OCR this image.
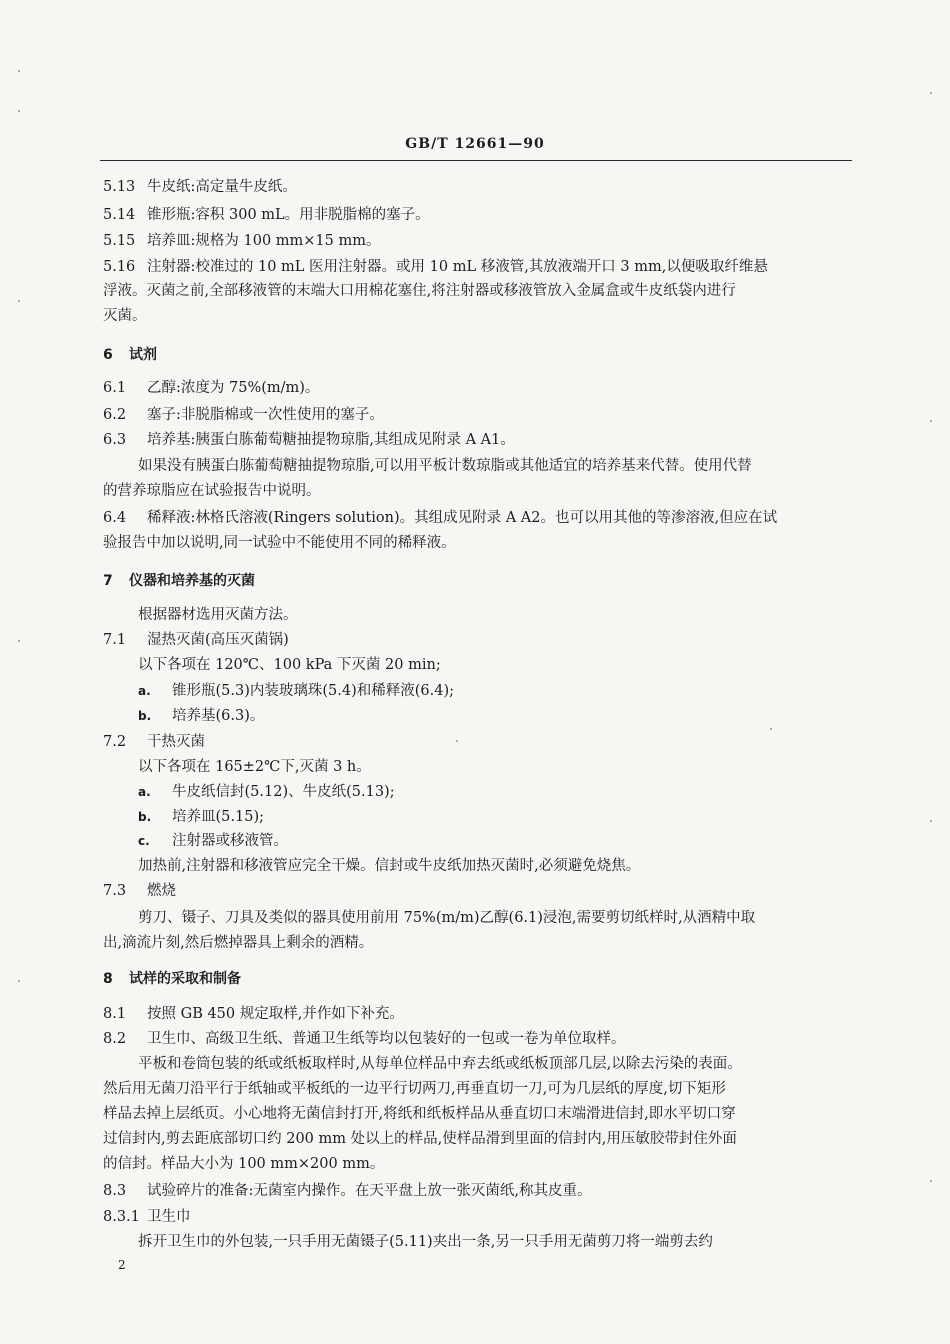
GB/T 12661—90
5.13 牛皮纸:高定量牛皮纸。
5.14 锥形瓶:容积 300 mL。用非脱脂棉的塞子。
5.15 培养皿:规格为 100 mm×15 mm。
5.16 注射器:校准过的 10 mL 医用注射器。或用 10 mL 移液管,其放液端开口 3 mm,以便吸取纤维悬
浮液。灭菌之前,全部移液管的末端大口用棉花塞住,将注射器或移液管放入金属盒或牛皮纸袋内进行
灭菌。
6 试剂
6.1 乙醇:浓度为 75%(m/m)。
6.2 塞子:非脱脂棉或一次性使用的塞子。
6.3 培养基:胰蛋白胨葡萄糖抽提物琼脂,其组成见附录 A A1。
如果没有胰蛋白胨葡萄糖抽提物琼脂,可以用平板计数琼脂或其他适宜的培养基来代替。使用代替
的营养琼脂应在试验报告中说明。
6.4 稀释液:林格氏溶液(Ringers solution)。其组成见附录 A A2。也可以用其他的等渗溶液,但应在试
验报告中加以说明,同一试验中不能使用不同的稀释液。
7 仪器和培养基的灭菌
根据器材选用灭菌方法。
7.1 湿热灭菌(高压灭菌锅)
以下各项在 120℃、100 kPa 下灭菌 20 min;
a. 锥形瓶(5.3)内装玻璃珠(5.4)和稀释液(6.4);
b. 培养基(6.3)。
7.2 干热灭菌
以下各项在 165±2℃下,灭菌 3 h。
a. 牛皮纸信封(5.12)、牛皮纸(5.13);
b. 培养皿(5.15);
c. 注射器或移液管。
加热前,注射器和移液管应完全干燥。信封或牛皮纸加热灭菌时,必须避免烧焦。
7.3 燃烧
剪刀、镊子、刀具及类似的器具使用前用 75%(m/m)乙醇(6.1)浸泡,需要剪切纸样时,从酒精中取
出,滴流片刻,然后燃掉器具上剩余的酒精。
8 试样的采取和制备
8.1 按照 GB 450 规定取样,并作如下补充。
8.2 卫生巾、高级卫生纸、普通卫生纸等均以包装好的一包或一卷为单位取样。
平板和卷筒包装的纸或纸板取样时,从每单位样品中弃去纸或纸板顶部几层,以除去污染的表面。
然后用无菌刀沿平行于纸轴或平板纸的一边平行切两刀,再垂直切一刀,可为几层纸的厚度,切下矩形
样品去掉上层纸页。小心地将无菌信封打开,将纸和纸板样品从垂直切口末端滑进信封,即水平切口穿
过信封内,剪去距底部切口约 200 mm 处以上的样品,使样品滑到里面的信封内,用压敏胶带封住外面
的信封。样品大小为 100 mm×200 mm。
8.3 试验碎片的准备:无菌室内操作。在天平盘上放一张灭菌纸,称其皮重。
8.3.1 卫生巾
拆开卫生巾的外包装,一只手用无菌镊子(5.11)夹出一条,另一只手用无菌剪刀将一端剪去约
2
